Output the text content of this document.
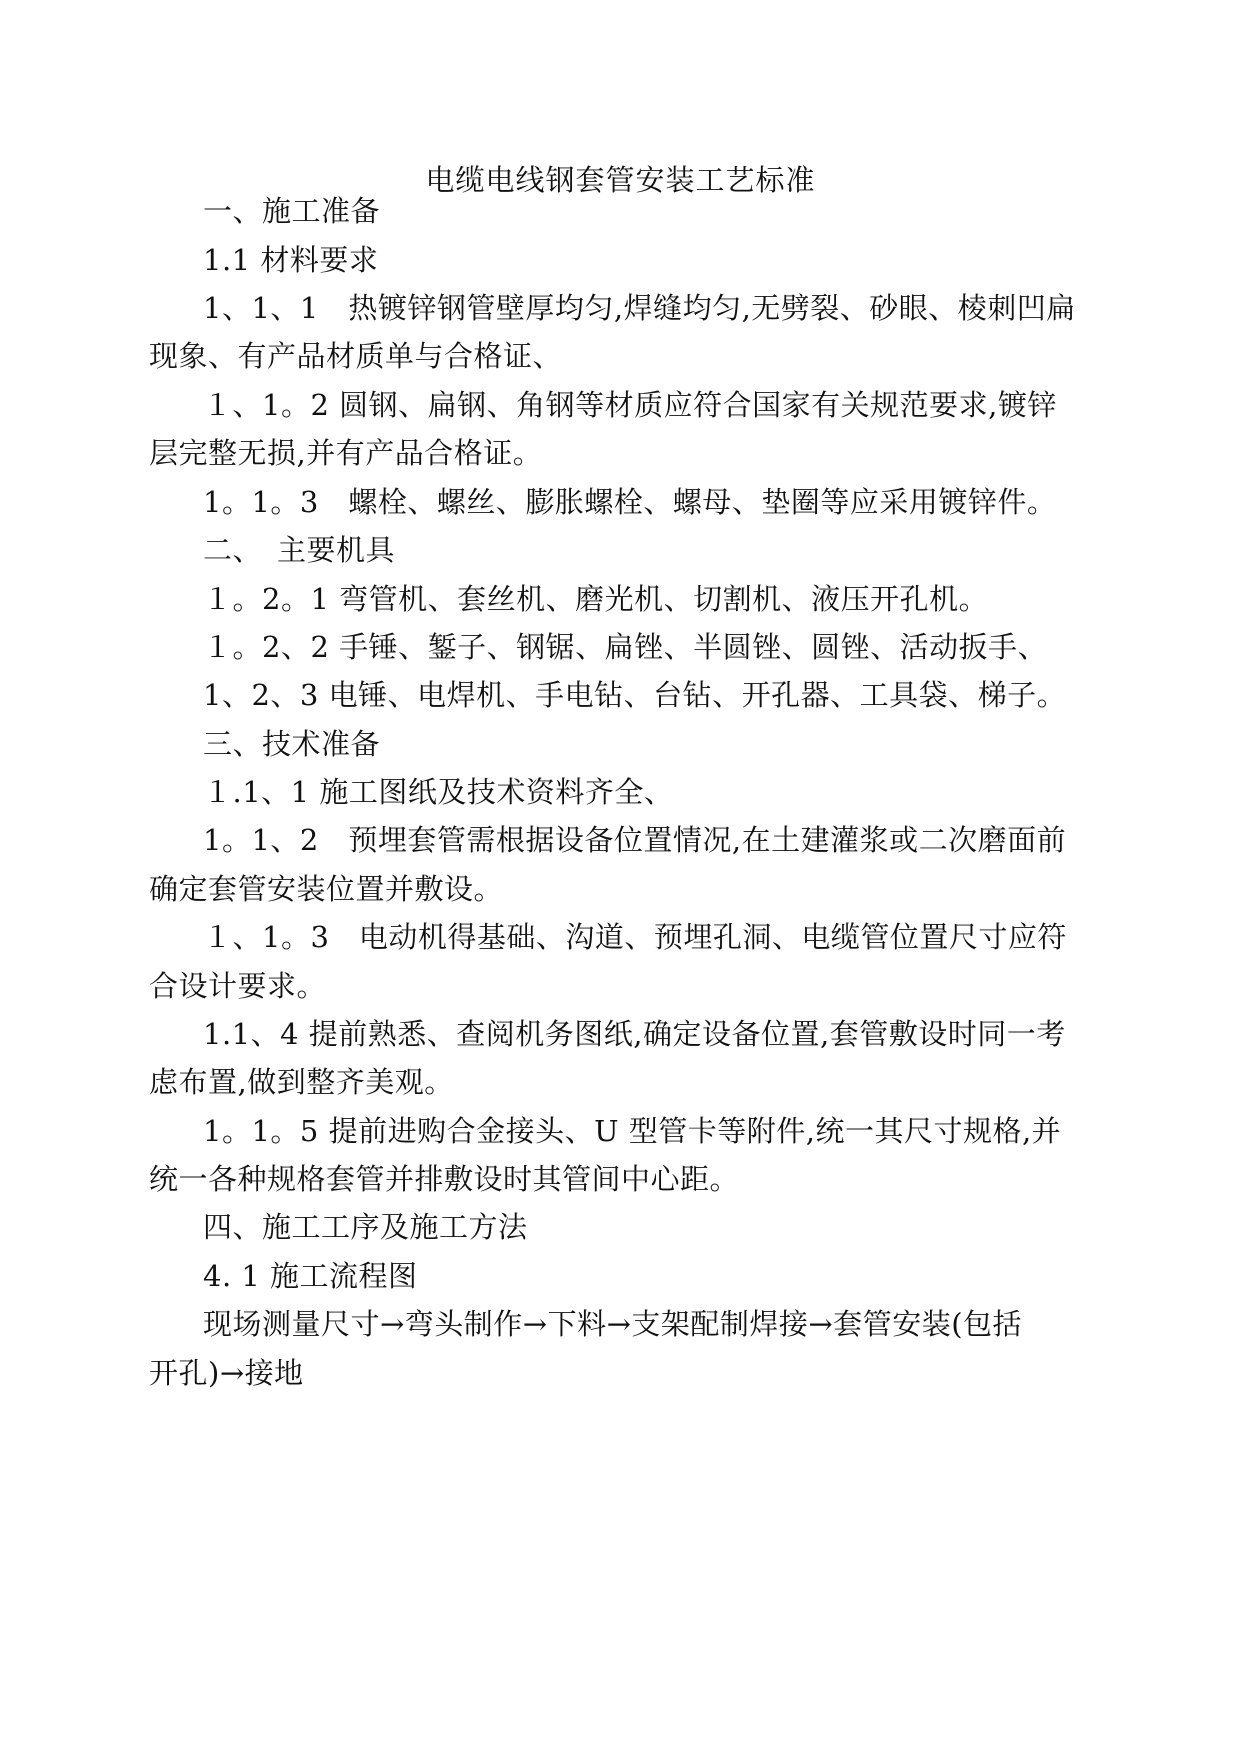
电缆电线钢套管安装工艺标准
一、施工准备
1.1 材料要求
1、1、1　热镀锌钢管壁厚均匀,焊缝均匀,无劈裂、砂眼、棱刺凹扁
现象、有产品材质单与合格证、
１、1。2 圆钢、扁钢、角钢等材质应符合国家有关规范要求,镀锌
层完整无损,并有产品合格证。
1。1。3　螺栓、螺丝、膨胀螺栓、螺母、垫圈等应采用镀锌件。
二、　主要机具
１。2。1 弯管机、套丝机、磨光机、切割机、液压开孔机。
１。2、2 手锤、錾子、钢锯、扁锉、半圆锉、圆锉、活动扳手、
1、2、3 电锤、电焊机、手电钻、台钻、开孔器、工具袋、梯子。
三、技术准备
１.1、1 施工图纸及技术资料齐全、
1。1、2　预埋套管需根据设备位置情况,在土建灌浆或二次磨面前
确定套管安装位置并敷设。
１、1。3　电动机得基础、沟道、预埋孔洞、电缆管位置尺寸应符
合设计要求。
1.1、4 提前熟悉、查阅机务图纸,确定设备位置,套管敷设时同一考
虑布置,做到整齐美观。
1。1。5 提前进购合金接头、U 型管卡等附件,统一其尺寸规格,并
统一各种规格套管并排敷设时其管间中心距。
四、施工工序及施工方法
4. 1 施工流程图
现场测量尺寸→弯头制作→下料→支架配制焊接→套管安装(包括
开孔)→接地
